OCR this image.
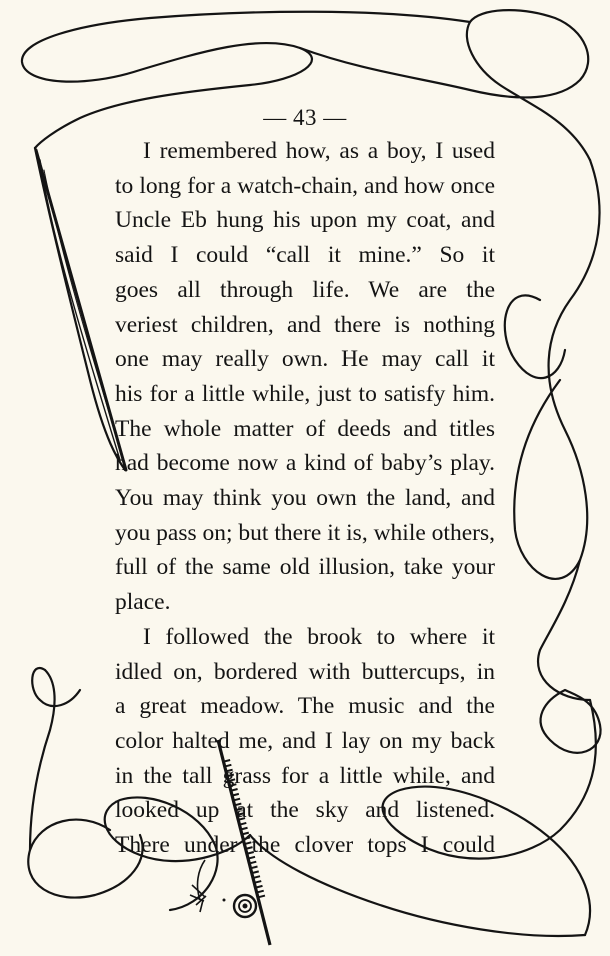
— 43 —
I remembered how, as a boy, I used
to long for a watch-chain, and how once
Uncle Eb hung his upon my coat, and
said I could “call it mine.” So it
goes all through life. We are the
veriest children, and there is nothing
one may really own. He may call it
his for a little while, just to satisfy him.
The whole matter of deeds and titles
had become now a kind of baby’s play.
You may think you own the land, and
you pass on; but there it is, while others,
full of the same old illusion, take your
place.
I followed the brook to where it
idled on, bordered with buttercups, in
a great meadow. The music and the
color halted me, and I lay on my back
in the tall grass for a little while, and
looked up at the sky and listened.
There under the clover tops I could
